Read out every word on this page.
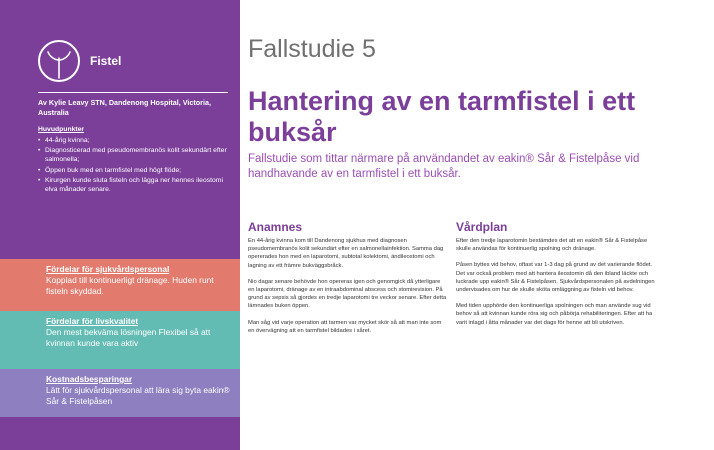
Fistel
Av Kylie Leavy STN, Dandenong Hospital, Victoria, Australia
Huvudpunkter
• 44-årig kvinna;
• Diagnosticerad med pseudomembranös kolit sekundärt efter salmonella;
• Öppen buk med en tarmfistel med högt flöde;
• Kirurgen kunde sluta fisteln och lägga ner hennes ileostomi elva månader senare.
Fördelar för sjukvårdspersonal
Kopplad till kontinuerligt dränage. Huden runt fisteln skyddad.
Fördelar för livskvalitet
Den mest bekväma lösningen Flexibel så att kvinnan kunde vara aktiv
Kostnadsbesparingar
Lätt för sjukvårdspersonal att lära sig byta eakin® Sår & Fistelpåsen
Fallstudie 5
Hantering av en tarmfistel i ett buksår
Fallstudie som tittar närmare på användandet av eakin® Sår & Fistelpåse vid handhavande av en tarmfistel i ett buksår.
Anamnes

En 44-årig kvinna kom till Dandenong sjukhus med diagnosen pseudomembranös kolit sekundärt efter en salmonellainfektion. Samma dag opererades hon med en laparotomi, subtotal kolektomi, ändileostomi och lagning av ett främre bukväggsbråck.

Nio dagar senare behövde hon opereras igen och genomgick då ytterligare en laparotomi, dränage av en intraabdominal abscess och stomirevision. På grund av sepsis så gjordes en tredje laparotomi tre veckor senare. Efter detta lämnades buken öppen.

Man såg vid varje operation att tarmen var mycket skör så att man inte som en övervägning att en tarmfistel bildades i såret.

Vårdplan

Efter den tredje laparotomin bestämdes det att en eakin® Sår & Fistelpåse skulle användas för kontinuerlig spolning och dränage.

Påsen byttes vid behov, oftast var 1-3 dag på grund av det varierande flödet. Det var också problem med att hantera ileostomin då den ibland läckte och luckrade upp eakin® Sår & Fistelpåsen. Sjukvårdspersonalen på avdelningen undervisades om hur de skulle sköta omläggning av fisteln vid behov.

Med tiden upphörde den kontinuerliga spolningen och man använde sug vid behov så att kvinnan kunde röra sig och påbörja rehabiliteringen. Efter att ha varit inlagd i åtta månader var det dags för henne att bli utskriven.
